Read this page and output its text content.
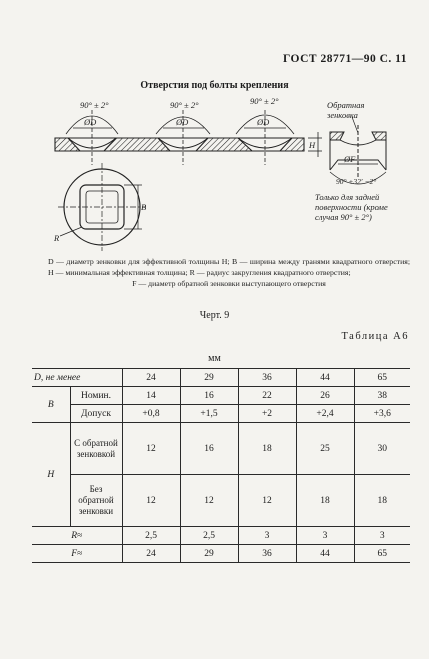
ГОСТ 28771—90 С. 11
Отверстия под болты крепления
90° ± 2°	90° ± 2°	90° ± 2°
ØD	ØD	ØD
H
Обратная
зенковка
ØF
90° +32′ −2°
Только для задней
поверхности (кроме
случая 90° ± 2°)
B
R
D — диаметр зенковки для эффективной толщины H; B — ширина между гранями квадратного отверстия; H — минимальная эффективная толщина; R — радиус закругления квадратного отверстия;
F — диаметр обратной зенковки выступающего отверстия
Черт. 9
Таблица А6
мм
D, не менее		24	29	36	44	65
B	Номин.	14	16	22	26	38
	Допуск	+0,8	+1,5	+2	+2,4	+3,6
H	С обратной зенковкой	12	16	18	25	30
	Без обратной зенковки	12	12	12	18	18
R≈		2,5	2,5	3	3	3
F≈		24	29	36	44	65
